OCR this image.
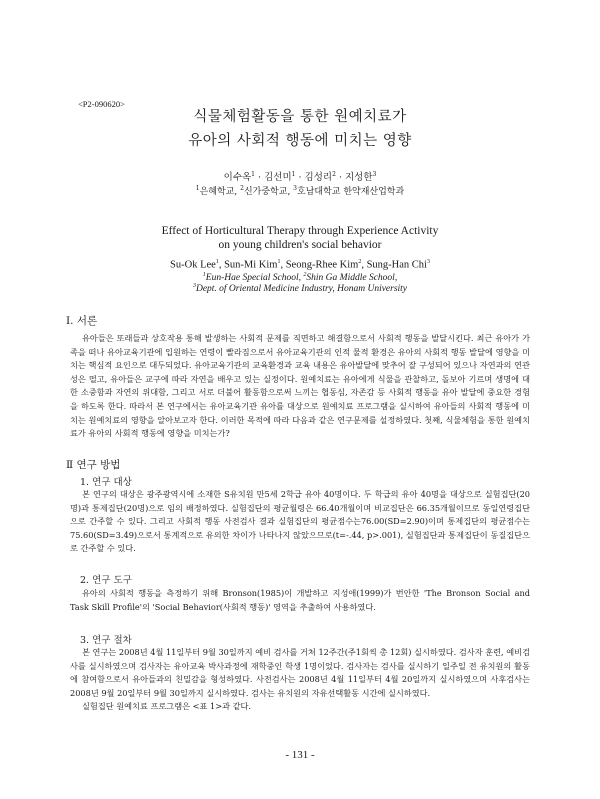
<P2-090620>
식물체험활동을 통한 원예치료가
유아의 사회적 행동에 미치는 영향
이수옥$^1$ · 김선미$^1$ · 김성리$^2$ · 지성한$^3$
$^1$은혜학교, $^2$신가중학교, $^3$호남대학교 한약재산업학과
Effect of Horticultural Therapy through Experience Activity
on young children's social behavior
Su-Ok Lee$^1$, Sun-Mi Kim$^1$, Seong-Rhee Kim$^2$, Sung-Han Chi$^3$
$^1$Eun-Hae Special School, $^2$Shin Ga Middle School,
$^3$Dept. of Oriental Medicine Industry, Honam University
Ⅰ. 서론

유아들은 또래들과 상호작용 통해 발생하는 사회적 문제를 직면하고 해결함으로서 사회적 행동을 발달시킨다. 최근 유아가 가족을 떠나 유아교육기관에 입원하는 연령이 빨라짐으로서 유아교육기관의 인적 물적 환경은 유아의 사회적 행동 발달에 영향을 미치는 핵심적 요인으로 대두되었다. 유아교육기관의 교육환경과 교육 내용은 유아발달에 맞추어 잘 구성되어 있으나 자연과의 연관성은 떨고, 유아들은 교구에 따라 자연을 배우고 있는 실정이다. 원예치료는 유아에게 식물을 관찰하고, 돌보아 기르며 생명에 대한 소중함과 자연의 위대함, 그리고 서로 더불어 활동함으로써 느끼는 협동심, 자존감 등 사회적 행동을 유아 발달에 중요한 경험을 하도록 한다. 따라서 본 연구에서는 유아교육기관 유아를 대상으로 원예치료 프로그램을 실시하여 유아들의 사회적 행동에 미치는 원예치료의 영향을 알아보고자 한다. 이러한 목적에 따라 다음과 같은 연구문제를 설정하였다. 첫째, 식물체험을 통한 원예치료가 유아의 사회적 행동에 영향을 미치는가?

Ⅱ 연구 방법
1. 연구 대상

본 연구의 대상은 광주광역시에 소재한 S유치원 만5세 2학급 유아 40명이다. 두 학급의 유아 40명을 대상으로 실험집단(20명)과 통제집단(20명)으로 임의 배정하였다. 실험집단의 평균월령은 66.40개월이며 비교집단은 66.35개월이므로 동일연령집단으로 간주할 수 있다. 그리고 사회적 행동 사전검사 결과 실험집단의 평균점수는76.00(SD=2.90)이며 통제집단의 평균점수는 75.60(SD=3.49)으로서 통계적으로 유의한 차이가 나타나지 않았으므로(t=-.44, p>.001), 실험집단과 통제집단이 동질집단으로 간주할 수 있다.

2. 연구 도구

유아의 사회적 행동을 측정하기 위해 Bronson(1985)이 개발하고 지성애(1999)가 번안한 'The Bronson Social and Task Skill Profile'의 'Social Behavior(사회적 행동)' 영역을 추출하여 사용하였다.

3. 연구 절차

본 연구는 2008년 4월 11일부터 9월 30일까지 예비 검사를 거쳐 12주간(주1회씩 총 12회) 실시하였다. 검사자 훈련, 예비검사를 실시하였으며 검사자는 유아교육 박사과정에 재학중인 학생 1명이었다. 검사자는 검사를 실시하기 일주일 전 유치원의 활동에 참여함으로서 유아들과의 친밀감을 형성하였다. 사전검사는 2008년 4월 11일부터 4월 20일까지 실시하였으며 사후검사는 2008년 9월 20일부터 9월 30일까지 실시하였다. 검사는 유치원의 자유선택활동 시간에 실시하였다.

실험집단 원예치료 프로그램은 <표 1>과 같다.

- 131 -
